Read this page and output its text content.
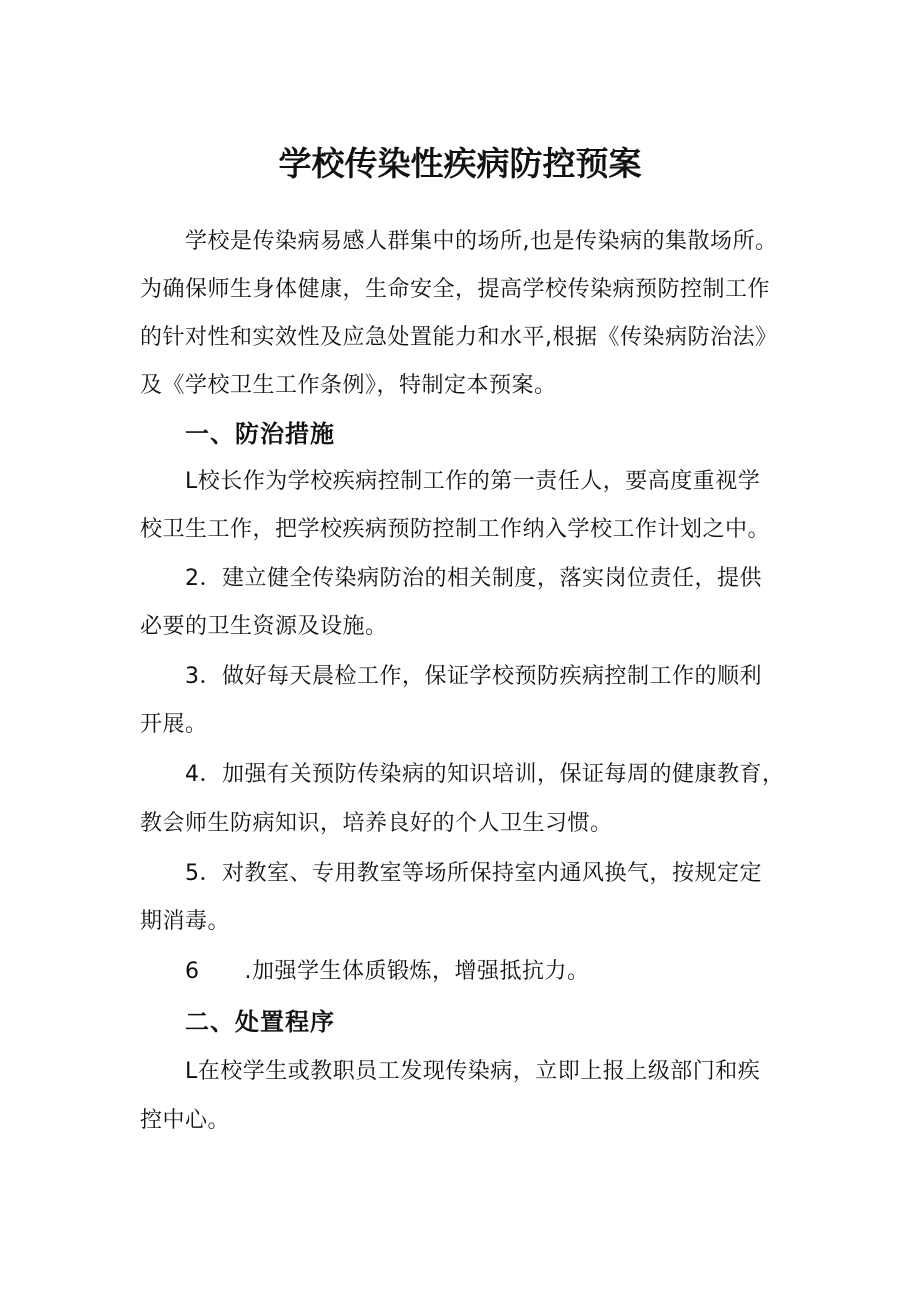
学校传染性疾病防控预案

学校是传染病易感人群集中的场所,也是传染病的集散场所。

为确保师生身体健康，生命安全，提高学校传染病预防控制工作

的针对性和实效性及应急处置能力和水平,根据《传染病防治法》

及《学校卫生工作条例》，特制定本预案。

一、防治措施

L校长作为学校疾病控制工作的第一责任人，要高度重视学

校卫生工作，把学校疾病预防控制工作纳入学校工作计划之中。

2．建立健全传染病防治的相关制度，落实岗位责任，提供

必要的卫生资源及设施。

3．做好每天晨检工作，保证学校预防疾病控制工作的顺利

开展。

4．加强有关预防传染病的知识培训，保证每周的健康教育，

教会师生防病知识，培养良好的个人卫生习惯。

5．对教室、专用教室等场所保持室内通风换气，按规定定

期消毒。

6　　.加强学生体质锻炼，增强抵抗力。

二、处置程序

L在校学生或教职员工发现传染病，立即上报上级部门和疾

控中心。
